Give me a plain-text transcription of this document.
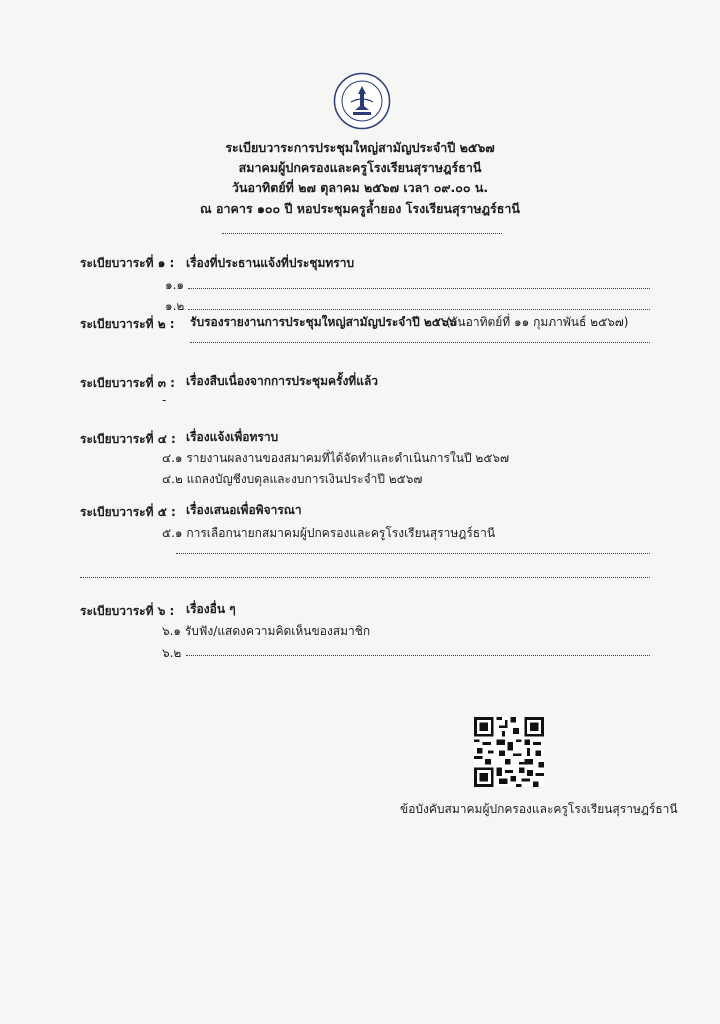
ระเบียบวาระการประชุมใหญ่สามัญประจำปี ๒๕๖๗
สมาคมผู้ปกครองและครูโรงเรียนสุราษฎร์ธานี
วันอาทิตย์ที่ ๒๗ ตุลาคม ๒๕๖๗ เวลา ๐๙.๐๐ น.
ณ อาคาร ๑๐๐ ปี หอประชุมครูล้ำยอง โรงเรียนสุราษฎร์ธานี
ระเบียบวาระที่ ๑ : เรื่องที่ประธานแจ้งที่ประชุมทราบ
๑.๑
๑.๒
ระเบียบวาระที่ ๒ : รับรองรายงานการประชุมใหญ่สามัญประจำปี ๒๕๖๖
(วันอาทิตย์ที่ ๑๑ กุมภาพันธ์ ๒๕๖๗)
ระเบียบวาระที่ ๓ : เรื่องสืบเนื่องจากการประชุมครั้งที่แล้ว
-
ระเบียบวาระที่ ๔ : เรื่องแจ้งเพื่อทราบ
๔.๑ รายงานผลงานของสมาคมที่ได้จัดทำและดำเนินการในปี ๒๕๖๗
๔.๒ แถลงบัญชีงบดุลและงบการเงินประจำปี ๒๕๖๗
ระเบียบวาระที่ ๕ : เรื่องเสนอเพื่อพิจารณา
๕.๑ การเลือกนายกสมาคมผู้ปกครองและครูโรงเรียนสุราษฎร์ธานี
ระเบียบวาระที่ ๖ : เรื่องอื่น ๆ
๖.๑ รับฟัง/แสดงความคิดเห็นของสมาชิก
๖.๒
ข้อบังคับสมาคมผู้ปกครองและครูโรงเรียนสุราษฎร์ธานี
